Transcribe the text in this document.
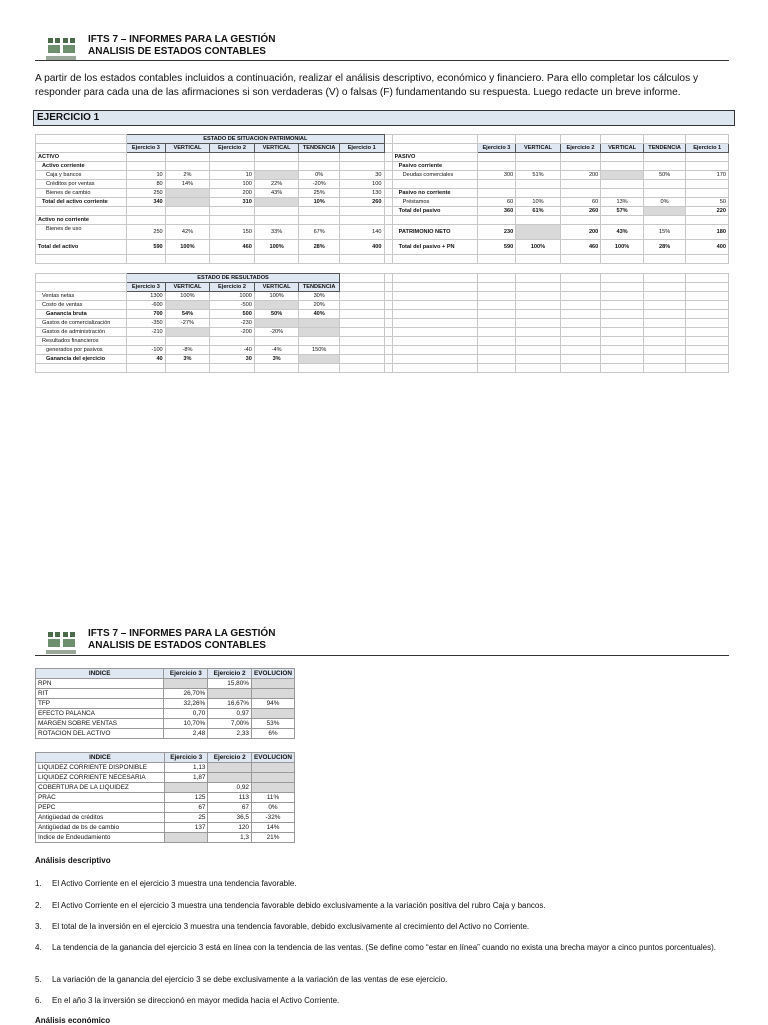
IFTS 7 – INFORMES PARA LA GESTIÓN
ANALISIS DE ESTADOS CONTABLES
A partir de los estados contables incluidos a continuación, realizar el análisis descriptivo, económico y financiero. Para ello completar los cálculos y responder para cada una de las afirmaciones si son verdaderas (V) o falsas (F) fundamentando su respuesta. Luego redacte un breve informe.
EJERCICIO 1
	ESTADO DE SITUACION PATRIMONIAL													
	Ejercicio 3	VERTICAL	Ejercicio 2	VERTICAL	TENDENCIA	Ejercicio 1			Ejercicio 3	VERTICAL	Ejercicio 2	VERTICAL	TENDENCIA	Ejercicio 1
ACTIVO								PASIVO						
Activo corriente								Pasivo corriente						
Caja y bancos	10	2%	10		0%	30		Deudas comerciales	300	51%	200		50%	170
Créditos por ventas	80	14%	100	22%	-20%	100								
Bienes de cambio	250		200	43%	25%	130		Pasivo no corriente						
Total del activo corriente	340		310		10%	260		Préstamos	60	10%	60	13%	0%	50
								Total del pasivo	360	61%	260	57%		220
Activo no corriente														
Bienes de uso	250	42%	150	33%	67%	140		PATRIMONIO NETO	230		200	43%	15%	180
Total del activo	590	100%	460	100%	28%	400		Total del pasivo + PN	590	100%	460	100%	28%	400

	ESTADO DE RESULTADOS													
	Ejercicio 3	VERTICAL	Ejercicio 2	VERTICAL	TENDENCIA									
Ventas netas	1300	100%	1000	100%	30%									
Costo de ventas	-600		-500		20%									
Ganancia bruta	700	54%	500	50%	40%									
Gastos de comercialización	-350	-27%	-230											
Gastos de administración	-210		-200	-20%										
Resultados financieros														
generados por pasivos	-100	-8%	-40	-4%	150%									
Ganancia del ejercicio	40	3%	30	3%										

IFTS 7 – INFORMES PARA LA GESTIÓN
ANALISIS DE ESTADOS CONTABLES
INDICE	Ejercicio 3	Ejercicio 2	EVOLUCION
RPN		15,80%	
RIT	26,70%		
TFP	32,26%	16,67%	94%
EFECTO PALANCA	0,70	0,97	
MARGEN SOBRE VENTAS	10,70%	7,00%	53%
ROTACION DEL ACTIVO	2,48	2,33	6%
INDICE	Ejercicio 3	Ejercicio 2	EVOLUCION
LIQUIDEZ CORRIENTE DISPONIBLE	1,13		
LIQUIDEZ CORRIENTE NECESARIA	1,87		
COBERTURA DE LA LIQUIDEZ		0,92	
PRAC	125	113	11%
PEPC	67	67	0%
Antigüedad de créditos	25	36,5	-32%
Antigüedad de bs de cambio	137	120	14%
Indice de Endeudamiento		1,3	21%
Análisis descriptivo
1.	El Activo Corriente en el ejercicio 3 muestra una tendencia favorable.
2.	El Activo Corriente en el ejercicio 3 muestra una tendencia favorable debido exclusivamente a la variación positiva del rubro Caja y bancos.
3.	El total de la inversión en el ejercicio 3 muestra una tendencia favorable, debido exclusivamente al crecimiento del Activo no Corriente.
4.	La tendencia de la ganancia del ejercicio 3 está en línea con la tendencia de las ventas. (Se define como “estar en línea” cuando no exista una brecha mayor a cinco puntos porcentuales).
5.	La variación de la ganancia del ejercicio 3 se debe exclusivamente a la variación de las ventas de ese ejercicio.
6.	En el año 3 la inversión se direccionó en mayor medida hacia el Activo Corriente.
Análisis económico
